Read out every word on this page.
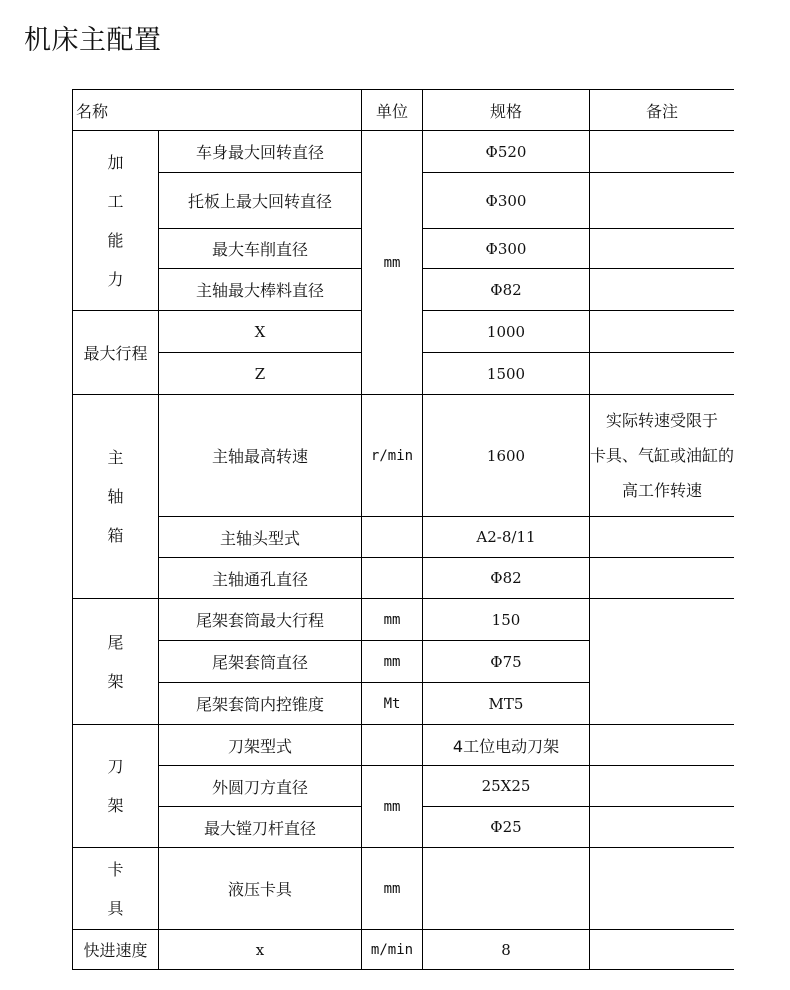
机床主配置
名称		单位	规格	备注

加
工
能
力	车身最大回转直径	mm	Φ520	
	托板上最大回转直径		Φ300	
	最大车削直径		Φ300	
	主轴最大棒料直径		Φ82	
最大行程	X		1000	
	Z		1500	

主
轴
箱	主轴最高转速	r/min	1600	实际转速受限于
卡具、气缸或油缸的
高工作转速

	主轴头型式		A2-8/11	
	主轴通孔直径		Φ82	

尾
架	尾架套筒最大行程	mm	150	
	尾架套筒直径	mm	Φ75	
	尾架套筒内控锥度	Mt	MT5	

刀
架	刀架型式		4工位电动刀架	
	外圆刀方直径	mm	25X25	
	最大镗刀杆直径		Φ25	

卡
具	液压卡具	mm		
快进速度	x	m/min	8	
